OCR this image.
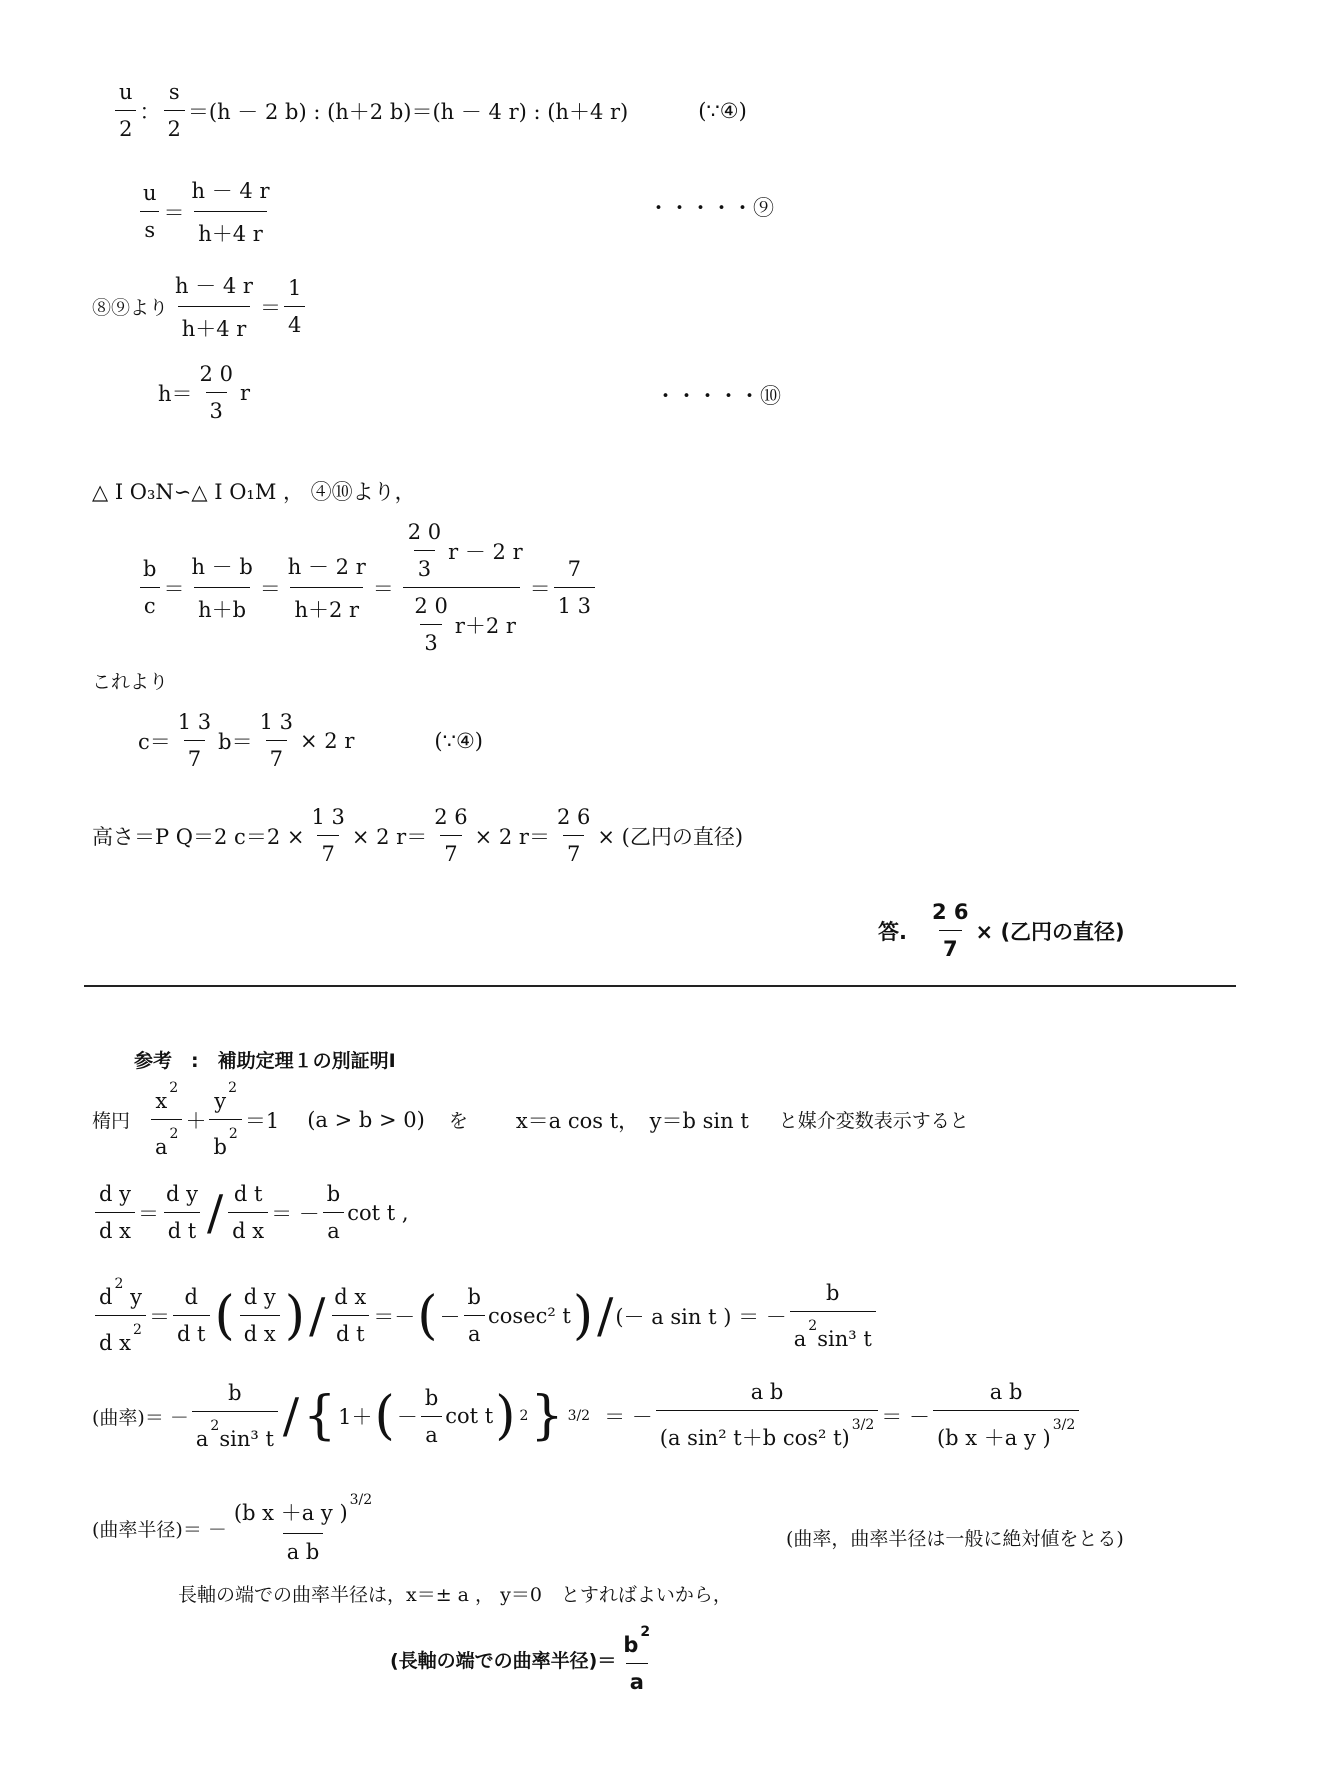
$\frac{u}{2}$ ： $\frac{s}{2} =(h - 2$ b) : (h＋2 b)＝(h － 4 r) : (h＋4 r)	(∵④)
$\frac{u}{s} = \frac{h - 4 r}{h+4 r}$	・・・・・⑨
⑧⑨より $\frac{h - 4 r}{h+4 r} = \frac{1}{4}$
$h= \frac{2 0}{3}$ r	・・・・・⑩
△ I O₃N∽△ I O₁M ， ④⑩より，
$\frac{b}{c} = \frac{h - b}{h+b} = \frac{h - 2 r}{h+2 r} = \frac{\frac{2 0}{3} r - 2 r}{\frac{2 0}{3} r+2 r} = \frac{7}{1 3}$
これより
$c= \frac{1 3}{7} b= \frac{1 3}{7} \times 2$ r	(∵④)
高さ＝P Q＝2 $c=2 \times \frac{1 3}{7} \times 2$ $r= \frac{2 6}{7} \times 2$ $r= \frac{2 6}{7}$ × (乙円の直径)
答. $\frac{2 6}{7}$ × (乙円の直径)
参考　:　補助定理１の別証明Ⅰ
楕円 $\frac{x^2}{a^2} + \frac{y^2}{b^2} =1$ (a > b > 0) を x＝a cos t，　y＝b sin t と媒介変数表示すると
$\frac{\text{d y}}{\text{d x}} = \frac{\text{d y}}{\text{d t}} / \frac{\text{d t}}{\text{d x}}$ ＝ － $\frac{b}{a}$ cot t ,
$\frac{d^2 y}{d x^2} = \frac{d}{\text{d t}}$ ( $\frac{\text{d y}}{\text{d x}}$ ) / $\frac{\text{d x}}{\text{d t}}$ ＝－ ( － $\frac{b}{a} cosec^2$ t ) / (－ a sin t ) ＝ － $\frac{b}{a^2\sin^3 t}$
(曲率)＝ － $\frac{b}{a^2\sin^3 t}$ / { 1＋ ( － $\frac{b}{a}$ cot t ) 2 } 3/2 ＝ － $\frac{\text{a b}}{(a \sin^2 t+b \cos^2 t)^{3/2}}$ ＝ － $\frac{\text{a b}}{(b x +a y )^{3/2}}$
(曲率半径)＝ － $\frac{(b x +a y )^{3/2}}{\text{a b}}$	(曲率，曲率半径は一般に絶対値をとる)
長軸の端での曲率半径は，x＝± a ， y＝0　とすればよいから，
(長軸の端での曲率半径)＝ $\frac{b^2}{a}$
